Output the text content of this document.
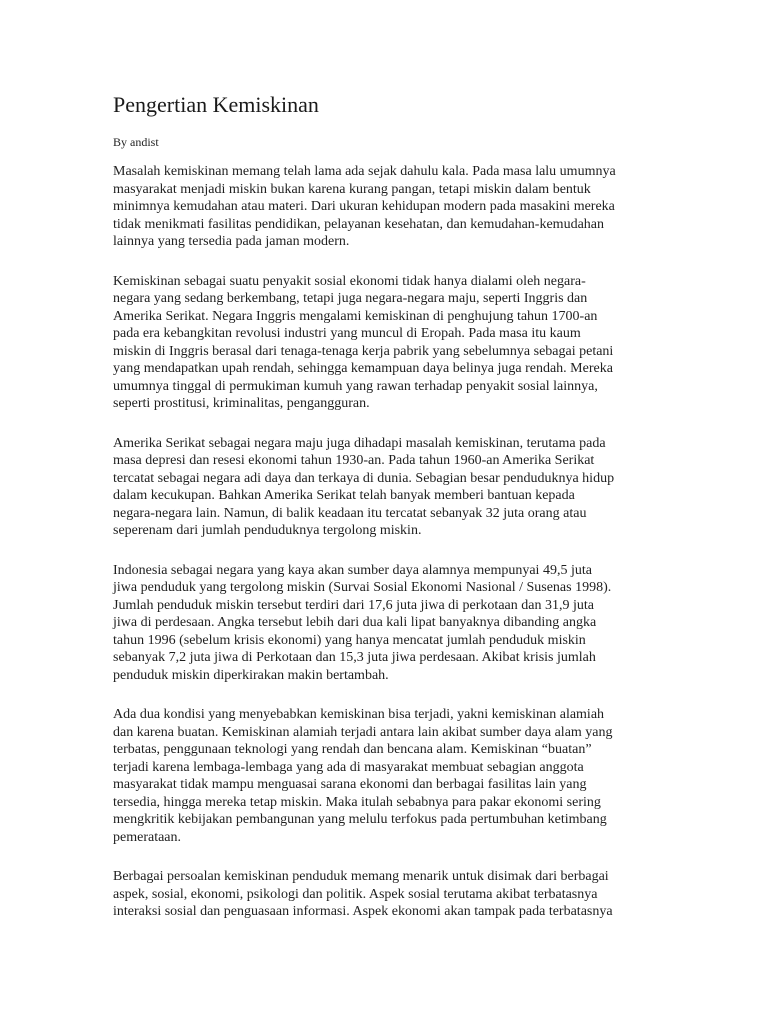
Pengertian Kemiskinan
By andist

Masalah kemiskinan memang telah lama ada sejak dahulu kala. Pada masa lalu umumnya
masyarakat menjadi miskin bukan karena kurang pangan, tetapi miskin dalam bentuk
minimnya kemudahan atau materi. Dari ukuran kehidupan modern pada masakini mereka
tidak menikmati fasilitas pendidikan, pelayanan kesehatan, dan kemudahan-kemudahan
lainnya yang tersedia pada jaman modern.

Kemiskinan sebagai suatu penyakit sosial ekonomi tidak hanya dialami oleh negara-
negara yang sedang berkembang, tetapi juga negara-negara maju, seperti Inggris dan
Amerika Serikat. Negara Inggris mengalami kemiskinan di penghujung tahun 1700-an
pada era kebangkitan revolusi industri yang muncul di Eropah. Pada masa itu kaum
miskin di Inggris berasal dari tenaga-tenaga kerja pabrik yang sebelumnya sebagai petani
yang mendapatkan upah rendah, sehingga kemampuan daya belinya juga rendah. Mereka
umumnya tinggal di permukiman kumuh yang rawan terhadap penyakit sosial lainnya,
seperti prostitusi, kriminalitas, pengangguran.

Amerika Serikat sebagai negara maju juga dihadapi masalah kemiskinan, terutama pada
masa depresi dan resesi ekonomi tahun 1930-an. Pada tahun 1960-an Amerika Serikat
tercatat sebagai negara adi daya dan terkaya di dunia. Sebagian besar penduduknya hidup
dalam kecukupan. Bahkan Amerika Serikat telah banyak memberi bantuan kepada
negara-negara lain. Namun, di balik keadaan itu tercatat sebanyak 32 juta orang atau
seperenam dari jumlah penduduknya tergolong miskin.

Indonesia sebagai negara yang kaya akan sumber daya alamnya mempunyai 49,5 juta
jiwa penduduk yang tergolong miskin (Survai Sosial Ekonomi Nasional / Susenas 1998).
Jumlah penduduk miskin tersebut terdiri dari 17,6 juta jiwa di perkotaan dan 31,9 juta
jiwa di perdesaan. Angka tersebut lebih dari dua kali lipat banyaknya dibanding angka
tahun 1996 (sebelum krisis ekonomi) yang hanya mencatat jumlah penduduk miskin
sebanyak 7,2 juta jiwa di Perkotaan dan 15,3 juta jiwa perdesaan. Akibat krisis jumlah
penduduk miskin diperkirakan makin bertambah.

Ada dua kondisi yang menyebabkan kemiskinan bisa terjadi, yakni kemiskinan alamiah
dan karena buatan. Kemiskinan alamiah terjadi antara lain akibat sumber daya alam yang
terbatas, penggunaan teknologi yang rendah dan bencana alam. Kemiskinan “buatan”
terjadi karena lembaga-lembaga yang ada di masyarakat membuat sebagian anggota
masyarakat tidak mampu menguasai sarana ekonomi dan berbagai fasilitas lain yang
tersedia, hingga mereka tetap miskin. Maka itulah sebabnya para pakar ekonomi sering
mengkritik kebijakan pembangunan yang melulu terfokus pada pertumbuhan ketimbang
pemerataan.

Berbagai persoalan kemiskinan penduduk memang menarik untuk disimak dari berbagai
aspek, sosial, ekonomi, psikologi dan politik. Aspek sosial terutama akibat terbatasnya
interaksi sosial dan penguasaan informasi. Aspek ekonomi akan tampak pada terbatasnya
